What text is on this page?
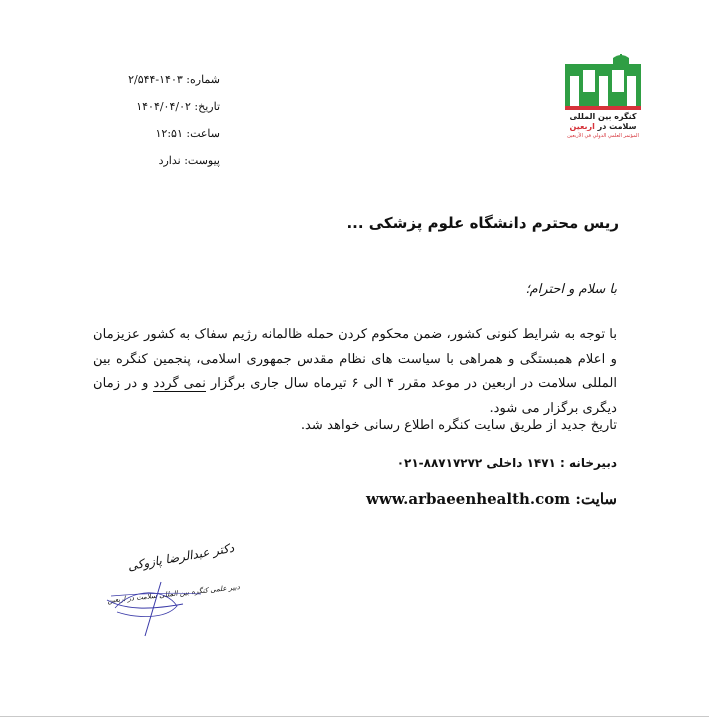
شماره: ۱۴۰۳-۲/۵۴۴
تاریخ: ۱۴۰۴/۰۴/۰۲
ساعت: ۱۲:۵۱
پیوست: ندارد
کنگره بین المللی
سلامت در اربعین
المؤتمر العلمي الدولي في الأربعين
ریس محترم دانشگاه علوم پزشکی ...
با سلام و احترام؛
با توجه به شرایط کنونی کشور، ضمن محکوم کردن حمله ظالمانه رژیم سفاک به کشور عزیزمان و اعلام همبستگی و همراهی با سیاست های نظام مقدس جمهوری اسلامی، پنجمین کنگره بین المللی سلامت در اربعین در موعد مقرر ۴ الی ۶ تیرماه سال جاری برگزار نمی گردد و در زمان دیگری برگزار می شود.
تاریخ جدید از طریق سایت کنگره اطلاع رسانی خواهد شد.
دبیرخانه : ۱۴۷۱ داخلی ۸۸۷۱۷۲۷۲-۰۲۱
سایت: www.arbaeenhealth.com
دکتر عبدالرضا پازوکی
دبیر علمی کنگره بین المللی سلامت در اربعین
